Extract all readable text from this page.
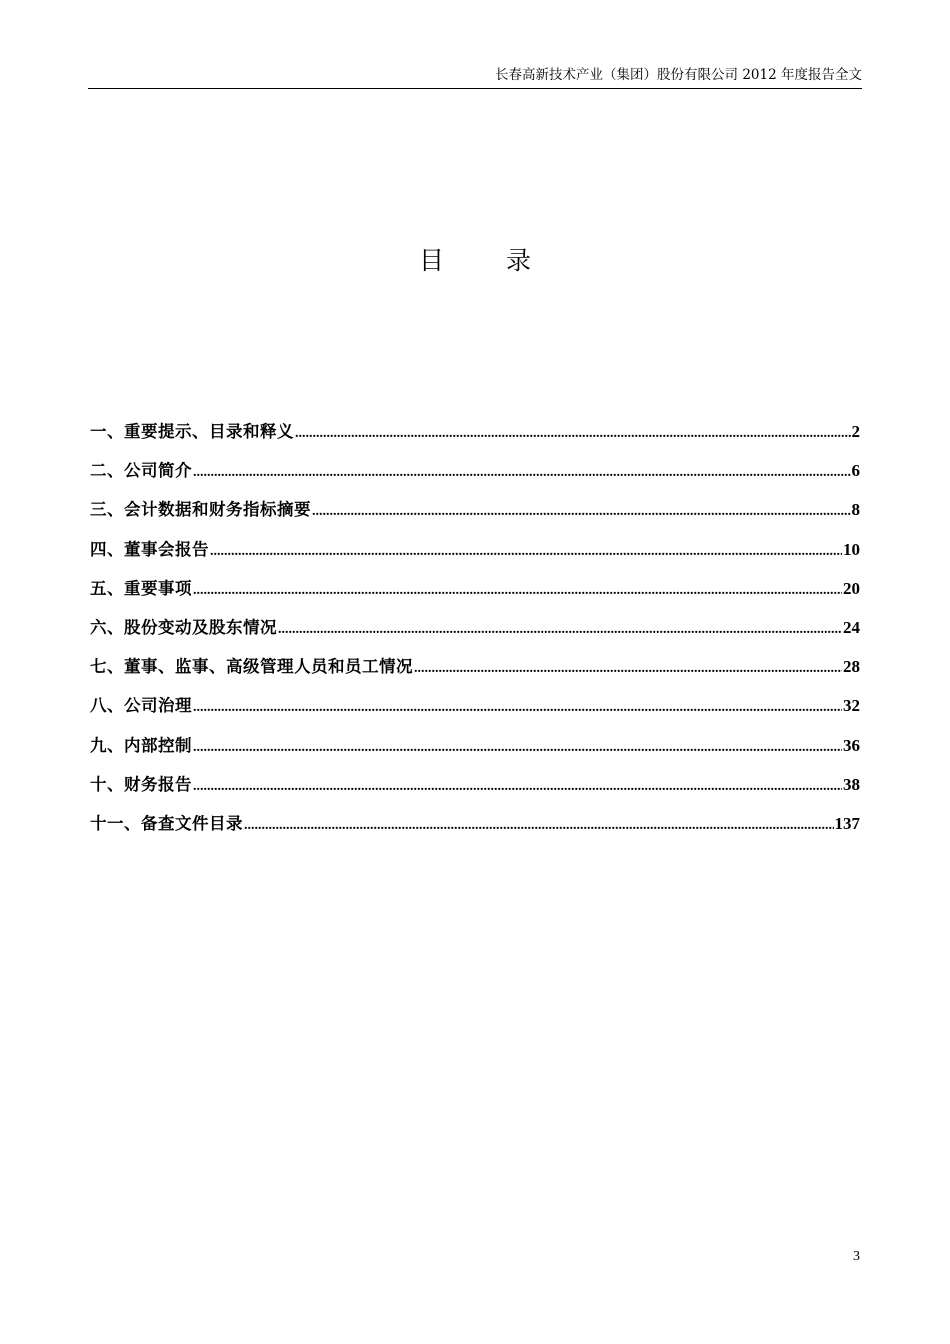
长春高新技术产业（集团）股份有限公司 2012 年度报告全文
目 录
一、重要提示、目录和释义 .....	2
二、公司简介 .....	6
三、会计数据和财务指标摘要 .....	8
四、董事会报告 .....	10
五、重要事项 .....	20
六、股份变动及股东情况 .....	24
七、董事、监事、高级管理人员和员工情况 .....	28
八、公司治理 .....	32
九、内部控制 .....	36
十、财务报告 .....	38
十一、备查文件目录 .....	137
3
